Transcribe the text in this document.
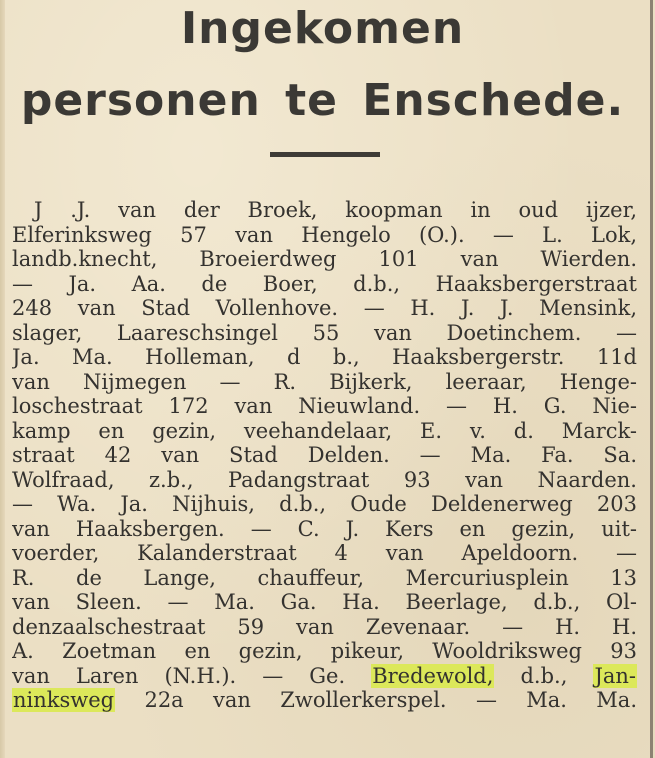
Ingekomen
personen te Enschede.
J .J. van der Broek, koopman in oud ijzer,
Elferinksweg 57 van Hengelo (O.). — L. Lok,
landb.knecht, Broeierdweg 101 van Wierden.
— Ja. Aa. de Boer, d.b., Haaksbergerstraat
248 van Stad Vollenhove. — H. J. J. Mensink,
slager, Laareschsingel 55 van Doetinchem. —
Ja. Ma. Holleman, d b., Haaksbergerstr. 11d
van Nijmegen — R. Bijkerk, leeraar, Henge-
loschestraat 172 van Nieuwland. — H. G. Nie-
kamp en gezin, veehandelaar, E. v. d. Marck-
straat 42 van Stad Delden. — Ma. Fa. Sa.
Wolfraad, z.b., Padangstraat 93 van Naarden.
— Wa. Ja. Nijhuis, d.b., Oude Deldenerweg 203
van Haaksbergen. — C. J. Kers en gezin, uit-
voerder, Kalanderstraat 4 van Apeldoorn. —
R. de Lange, chauffeur, Mercuriusplein 13
van Sleen. — Ma. Ga. Ha. Beerlage, d.b., Ol-
denzaalschestraat 59 van Zevenaar. — H. H.
A. Zoetman en gezin, pikeur, Wooldriksweg 93
van Laren (N.H.). — Ge. Bredewold, d.b., Jan-
ninksweg 22a van Zwollerkerspel. — Ma. Ma.
